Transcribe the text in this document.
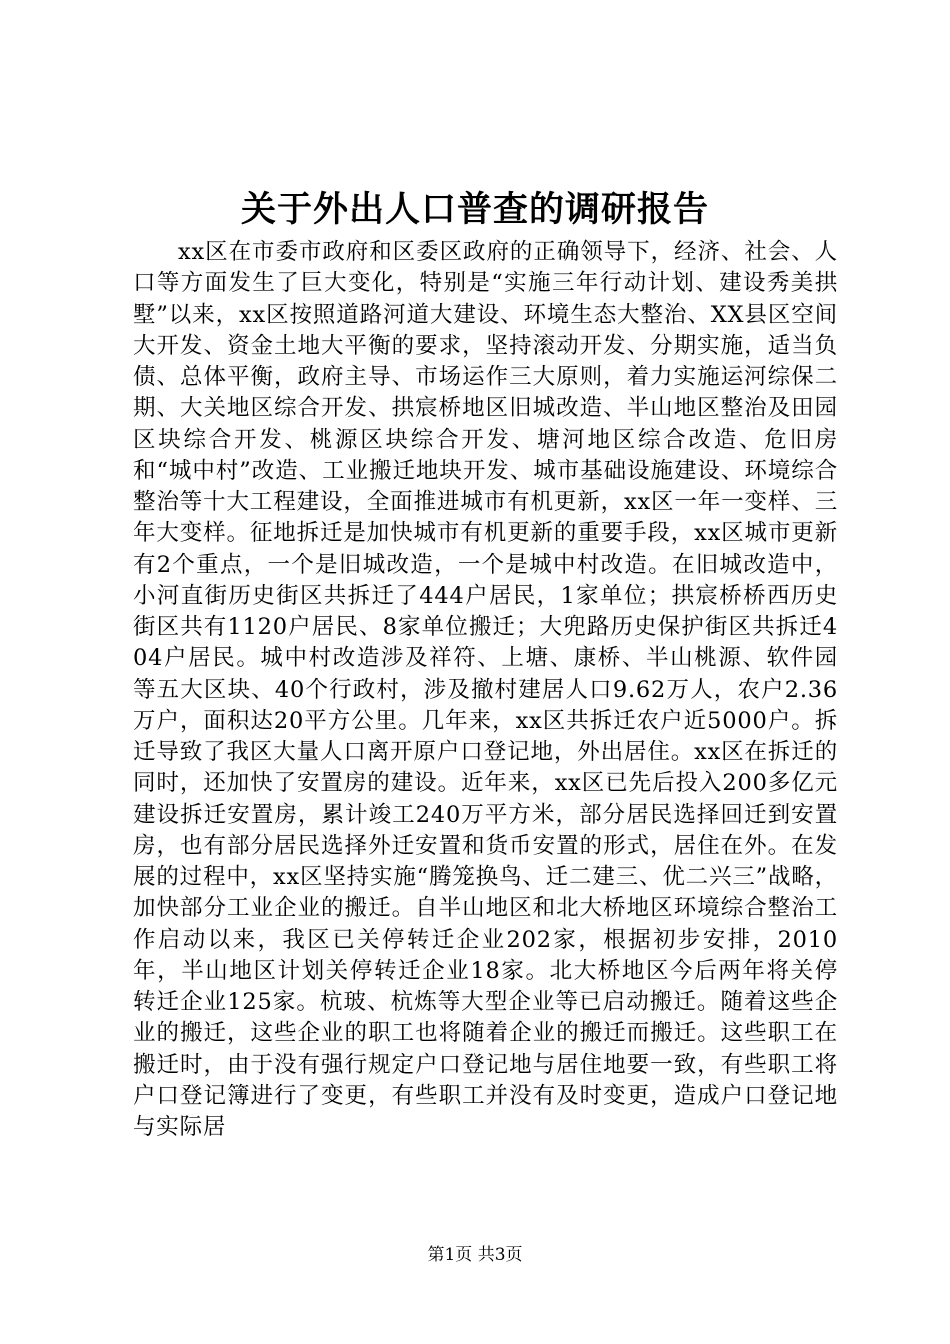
关于外出人口普查的调研报告

xx区在市委市政府和区委区政府的正确领导下，经济、社会、人口等方面发生了巨大变化，特别是“实施三年行动计划、建设秀美拱墅”以来，xx区按照道路河道大建设、环境生态大整治、XX县区空间大开发、资金土地大平衡的要求，坚持滚动开发、分期实施，适当负债、总体平衡，政府主导、市场运作三大原则，着力实施运河综保二期、大关地区综合开发、拱宸桥地区旧城改造、半山地区整治及田园区块综合开发、桃源区块综合开发、塘河地区综合改造、危旧房和“城中村”改造、工业搬迁地块开发、城市基础设施建设、环境综合整治等十大工程建设，全面推进城市有机更新，xx区一年一变样、三年大变样。征地拆迁是加快城市有机更新的重要手段，xx区城市更新有2个重点，一个是旧城改造，一个是城中村改造。在旧城改造中，小河直街历史街区共拆迁了444户居民，1家单位；拱宸桥桥西历史街区共有1120户居民、8家单位搬迁；大兜路历史保护街区共拆迁404户居民。城中村改造涉及祥符、上塘、康桥、半山桃源、软件园等五大区块、40个行政村，涉及撤村建居人口9.62万人，农户2.36万户，面积达20平方公里。几年来，xx区共拆迁农户近5000户。拆迁导致了我区大量人口离开原户口登记地，外出居住。xx区在拆迁的同时，还加快了安置房的建设。近年来，xx区已先后投入200多亿元建设拆迁安置房，累计竣工240万平方米，部分居民选择回迁到安置房，也有部分居民选择外迁安置和货币安置的形式，居住在外。在发展的过程中，xx区坚持实施“腾笼换鸟、迁二建三、优二兴三”战略，加快部分工业企业的搬迁。自半山地区和北大桥地区环境综合整治工作启动以来，我区已关停转迁企业202家，根据初步安排，2010年，半山地区计划关停转迁企业18家。北大桥地区今后两年将关停转迁企业125家。杭玻、杭炼等大型企业等已启动搬迁。随着这些企业的搬迁，这些企业的职工也将随着企业的搬迁而搬迁。这些职工在搬迁时，由于没有强行规定户口登记地与居住地要一致，有些职工将户口登记簿进行了变更，有些职工并没有及时变更，造成户口登记地与实际居

第1页 共3页
